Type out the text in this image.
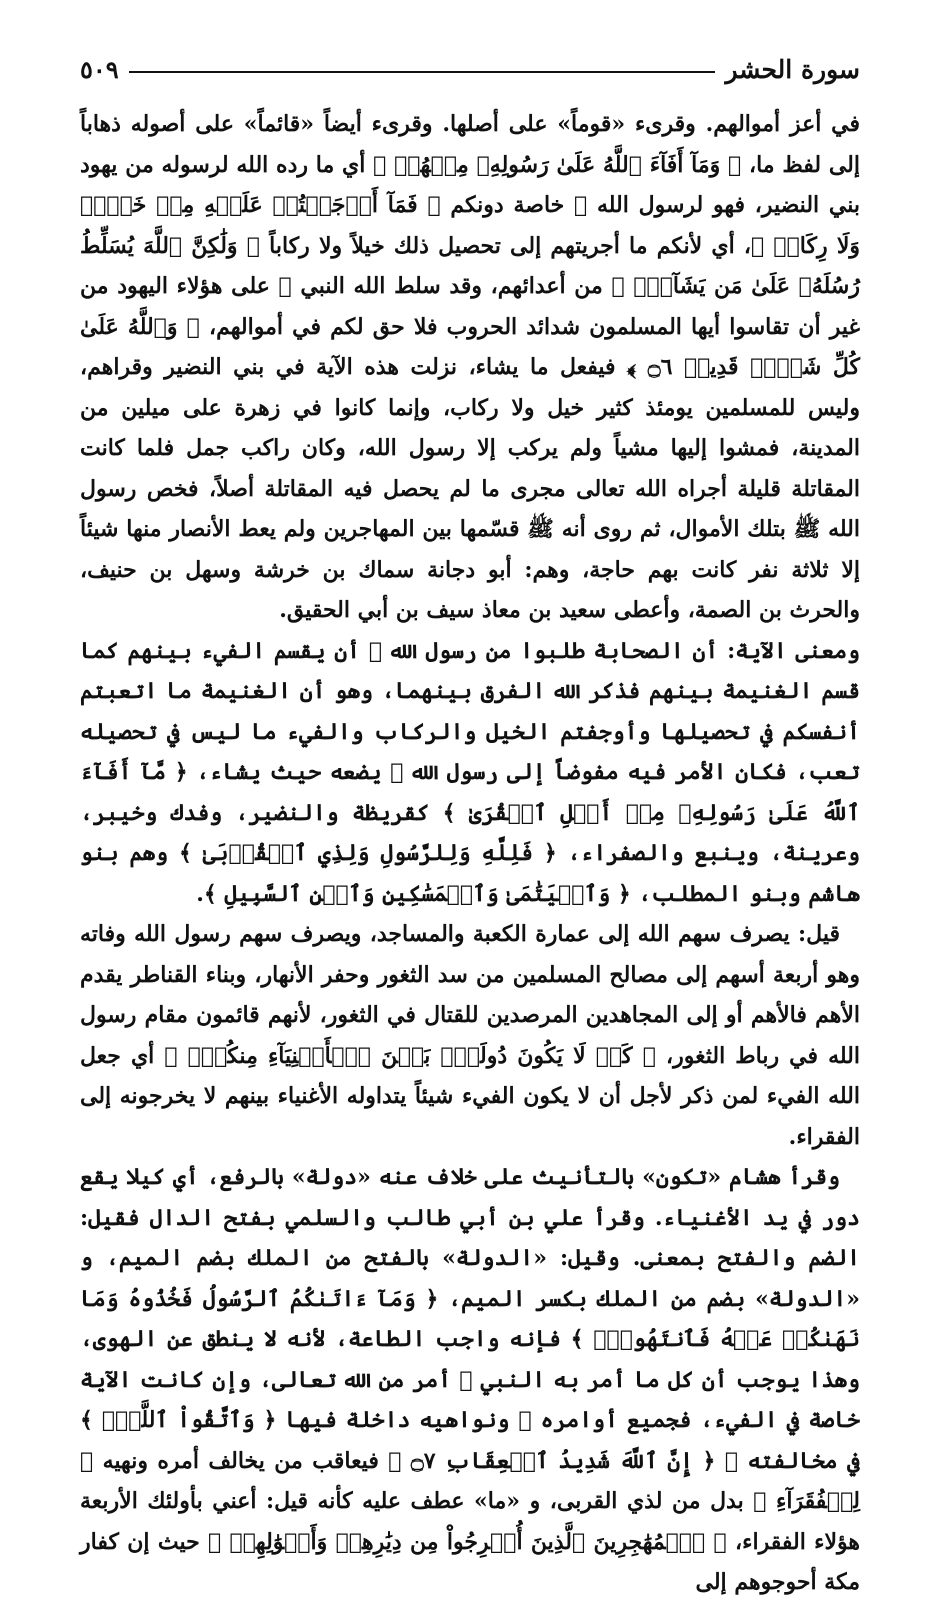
٥٠٩	سورة الحشر

في أعز أموالهم. وقرىء «قوماً» على أصلها. وقرىء أيضاً «قائماً» على أصوله ذهاباً إلى لفظ ما، ﴿ وَمَآ أَفَآءَ ٱللَّهُ عَلَىٰ رَسُولِهِۦ مِنۡهُمۡ ﴾ أي ما رده الله لرسوله من يهود بني النضير، فهو لرسول الله ﷺ خاصة دونكم ﴿ فَمَآ أَوۡجَفۡتُمۡ عَلَيۡهِ مِنۡ خَيۡلٖ وَلَا رِكَابٖ ﴾، أي لأنكم ما أجريتهم إلى تحصيل ذلك خيلاً ولا ركاباً ﴿ وَلَٰكِنَّ ٱللَّهَ يُسَلِّطُ رُسُلَهُۥ عَلَىٰ مَن يَشَآءُۚ ﴾ من أعدائهم، وقد سلط الله النبي ﷺ على هؤلاء اليهود من غير أن تقاسوا أيها المسلمون شدائد الحروب فلا حق لكم في أموالهم، ﴿ وَٱللَّهُ عَلَىٰ كُلِّ شَيۡءٖ قَدِيرٞ ۝٦ ﴾ فيفعل ما يشاء، نزلت هذه الآية في بني النضير وقراهم، وليس للمسلمين يومئذ كثير خيل ولا ركاب، وإنما كانوا في زهرة على ميلين من المدينة، فمشوا إليها مشياً ولم يركب إلا رسول الله، وكان راكب جمل فلما كانت المقاتلة قليلة أجراه الله تعالى مجرى ما لم يحصل فيه المقاتلة أصلاً، فخص رسول الله ﷺ بتلك الأموال، ثم روى أنه ﷺ قسّمها بين المهاجرين ولم يعط الأنصار منها شيئاً إلا ثلاثة نفر كانت بهم حاجة، وهم: أبو دجانة سماك بن خرشة وسهل بن حنيف، والحرث بن الصمة، وأعطى سعيد بن معاذ سيف بن أبي الحقيق.

ومعنى الآية: أن الصحابة طلبوا من رسول الله ﷺ أن يقسم الفيء بينهم كما قسم الغنيمة بينهم فذكر الله الفرق بينهما، وهو أن الغنيمة ما اتعبتم أنفسكم في تحصيلها وأوجفتم الخيل والركاب والفيء ما ليس في تحصيله تعب، فكان الأمر فيه مفوضاً إلى رسول الله ﷺ يضعه حيث يشاء، ﴿ مَّآ أَفَآءَ ٱللَّهُ عَلَىٰ رَسُولِهِۦ مِنۡ أَهۡلِ ٱلۡقُرَىٰ ﴾ كقريظة والنضير، وفدك وخيبر، وعرينة، وينبع والصفراء، ﴿ فَلِلَّهِ وَلِلرَّسُولِ وَلِذِي ٱلۡقُرۡبَىٰ ﴾ وهم بنو هاشم وبنو المطلب، ﴿ وَٱلۡيَتَٰمَىٰ وَٱلۡمَسَٰكِينِ وَٱبۡنِ ٱلسَّبِيلِ ﴾.

قيل: يصرف سهم الله إلى عمارة الكعبة والمساجد، ويصرف سهم رسول الله وفاته وهو أربعة أسهم إلى مصالح المسلمين من سد الثغور وحفر الأنهار، وبناء القناطر يقدم الأهم فالأهم أو إلى المجاهدين المرصدين للقتال في الثغور، لأنهم قائمون مقام رسول الله في رباط الثغور، ﴿ كَيۡ لَا يَكُونَ دُولَةَۢ بَيۡنَ ٱلۡأَغۡنِيَآءِ مِنكُمۡۚ ﴾ أي جعل الله الفيء لمن ذكر لأجل أن لا يكون الفيء شيئاً يتداوله الأغنياء بينهم لا يخرجونه إلى الفقراء.

وقرأ هشام «تكون» بالتأنيث على خلاف عنه «دولة» بالرفع، أي كيلا يقع دور في يد الأغنياء. وقرأ علي بن أبي طالب والسلمي بفتح الدال فقيل: الضم والفتح بمعنى. وقيل: «الدولة» بالفتح من الملك بضم الميم، و «الدولة» بضم من الملك بكسر الميم، ﴿ وَمَآ ءَاتَىٰكُمُ ٱلرَّسُولُ فَخُذُوهُ وَمَا نَهَىٰكُمۡ عَنۡهُ فَٱنتَهُواْۚ ﴾ فإنه واجب الطاعة، لأنه لا ينطق عن الهوى، وهذا يوجب أن كل ما أمر به النبي ﷺ أمر من الله تعالى، وإن كانت الآية خاصة في الفيء، فجميع أوامره ﷺ ونواهيه داخلة فيها ﴿ وَٱتَّقُواْ ٱللَّهَۖ ﴾ في مخالفته ﷺ ﴿ إِنَّ ٱللَّهَ شَدِيدُ ٱلۡعِقَابِ ۝٧ ﴾ فيعاقب من يخالف أمره ونهيه ﴿ لِلۡفُقَرَآءِ ﴾ بدل من لذي القربى، و «ما» عطف عليه كأنه قيل: أعني بأولئك الأربعة هؤلاء الفقراء، ﴿ ٱلۡمُهَٰجِرِينَ ٱلَّذِينَ أُخۡرِجُواْ مِن دِيَٰرِهِمۡ وَأَمۡوَٰلِهِمۡ ﴾ حيث إن كفار مكة أحوجوهم إلى
